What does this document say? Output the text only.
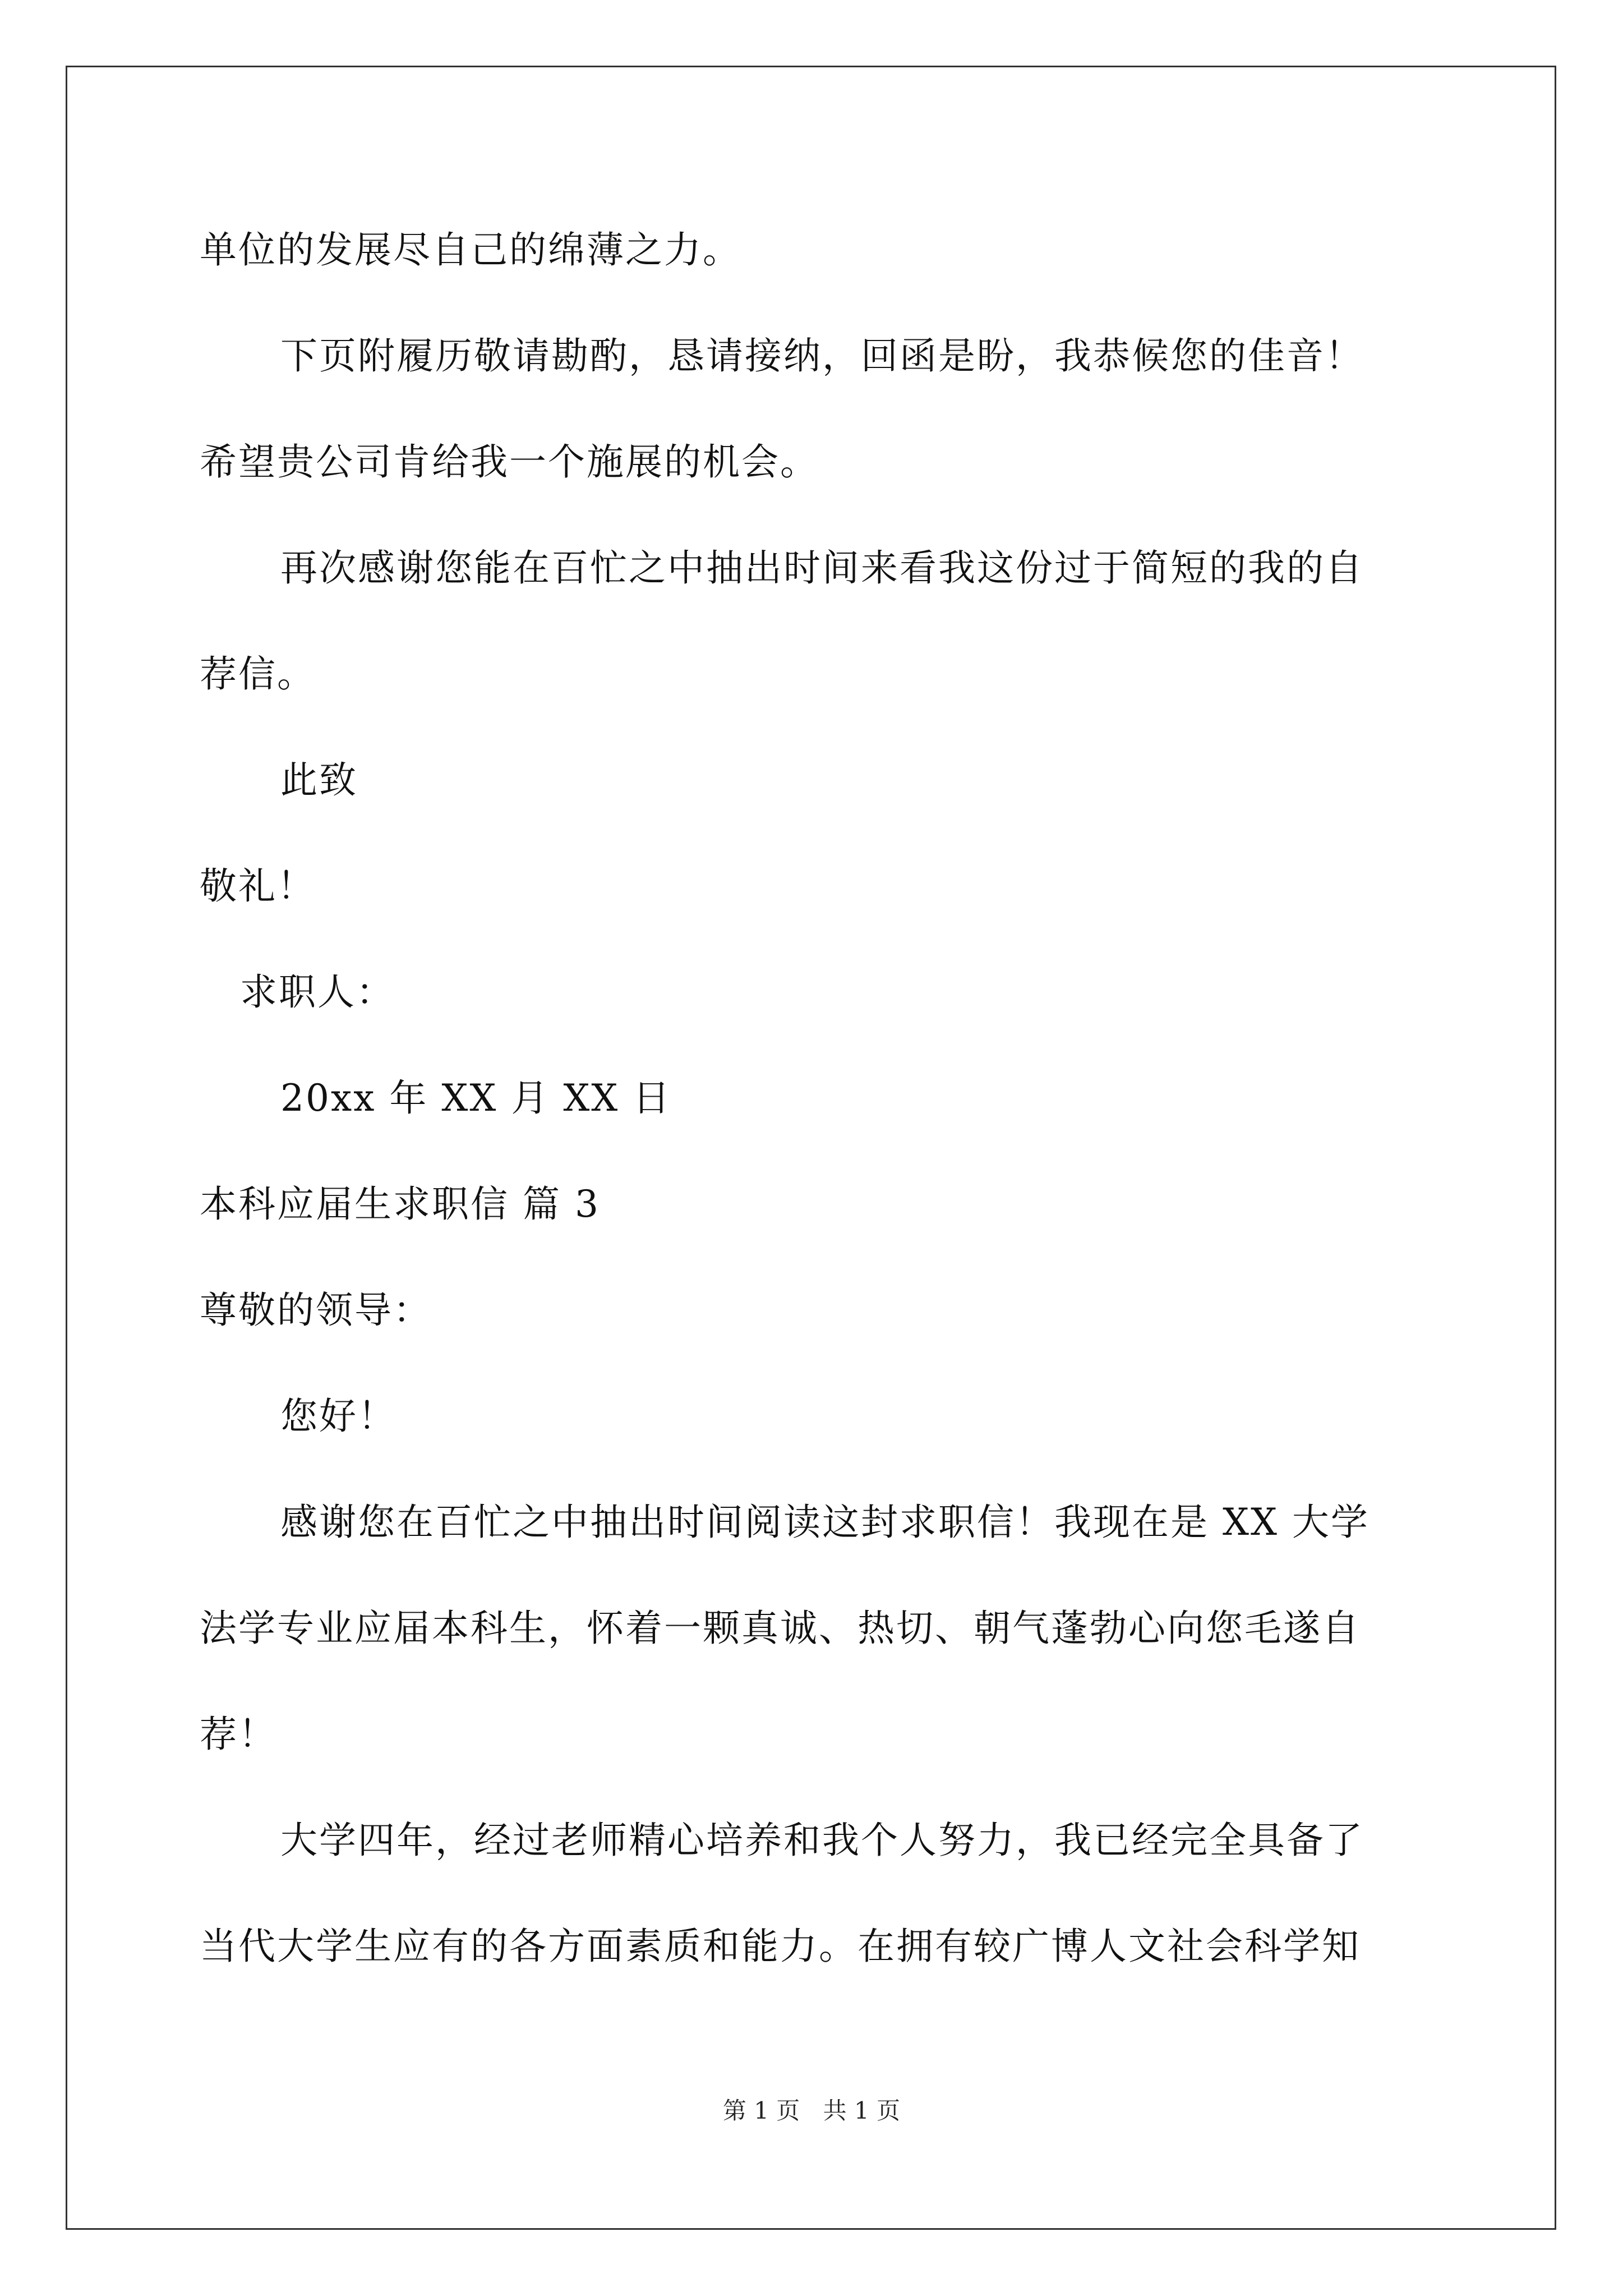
单位的发展尽自己的绵薄之力。
下页附履历敬请勘酌，恳请接纳，回函是盼，我恭候您的佳音！
希望贵公司肯给我一个施展的机会。
再次感谢您能在百忙之中抽出时间来看我这份过于简短的我的自
荐信。
此致
敬礼！
求职人：
20xx 年 XX 月 XX 日
本科应届生求职信 篇 3
尊敬的领导：
您好！
感谢您在百忙之中抽出时间阅读这封求职信！我现在是 XX 大学
法学专业应届本科生，怀着一颗真诚、热切、朝气蓬勃心向您毛遂自
荐！
大学四年，经过老师精心培养和我个人努力，我已经完全具备了
当代大学生应有的各方面素质和能力。在拥有较广博人文社会科学知
第 1 页 共 1 页
